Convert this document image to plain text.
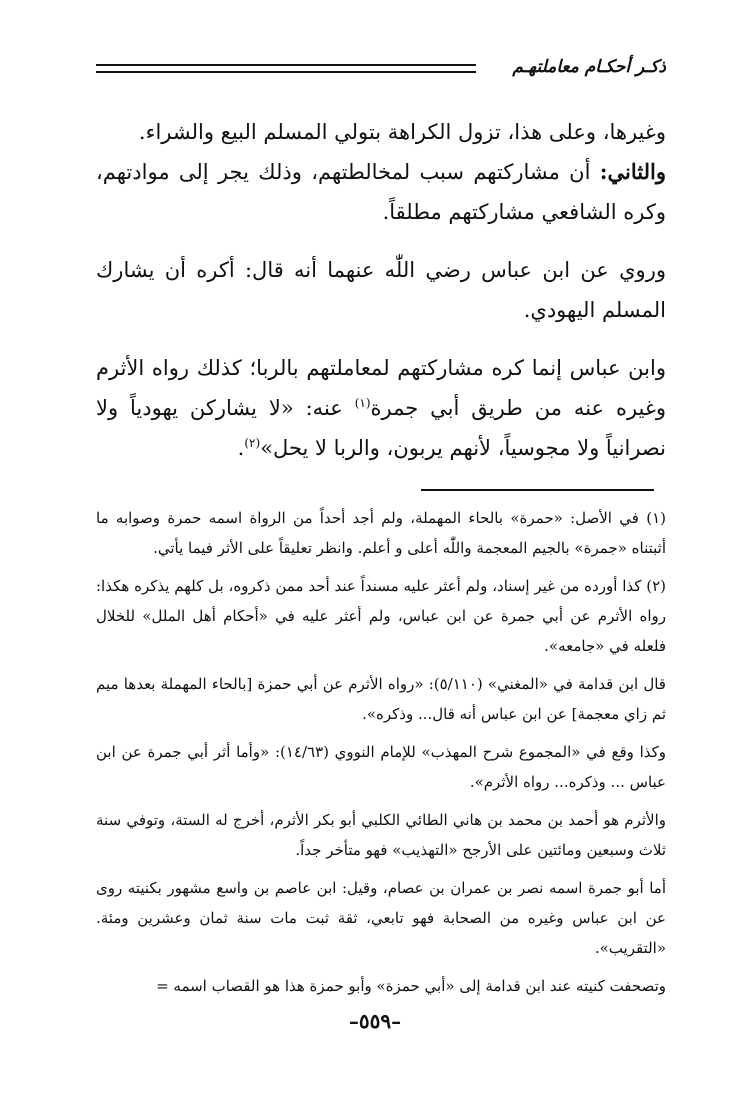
ذكـر أحكـام معاملتهـم

وغيرها، وعلى هذا، تزول الكراهة بتولي المسلم البيع والشراء.

والثاني: أن مشاركتهم سبب لمخالطتهم، وذلك يجر إلى موادتهم، وكره الشافعي مشاركتهم مطلقاً.

وروي عن ابن عباس رضي اللّٰه عنهما أنه قال: أكره أن يشارك المسلم اليهودي.

وابن عباس إنما كره مشاركتهم لمعاملتهم بالربا؛ كذلك رواه الأثرم وغيره عنه من طريق أبي جمرة$^{(١)}$ عنه: «لا يشاركن يهودياً ولا نصرانياً ولا مجوسياً، لأنهم يربون، والربا لا يحل»$^{(٢)}$.

(١) في الأصل: «حمرة» بالحاء المهملة، ولم أجد أحداً من الرواة اسمه حمرة وصوابه ما أثبتناه «جمرة» بالجيم المعجمة واللّٰه أعلى و أعلم. وانظر تعليقاً على الأثر فيما يأتي.

(٢) كذا أورده من غير إسناد، ولم أعثر عليه مسنداً عند أحد ممن ذكروه، بل كلهم يذكره هكذا: رواه الأثرم عن أبي جمرة عن ابن عباس، ولم أعثر عليه في «أحكام أهل الملل» للخلال فلعله في «جامعه».

قال ابن قدامة في «المغني» (٥/١١٠): «رواه الأثرم عن أبي حمزة [بالحاء المهملة بعدها ميم ثم زاي معجمة] عن ابن عباس أنه قال... وذكره».

وكذا وقع في «المجموع شرح المهذب» للإمام النووي (١٤/٦٣): «وأما أثر أبي جمرة عن ابن عباس ... وذكره... رواه الأثرم».

والأثرم هو أحمد بن محمد بن هاني الطائي الكلبي أبو بكر الأثرم، أخرج له الستة، وتوفي سنة ثلاث وسبعين ومائتين على الأرجح «التهذيب» فهو متأخر جداً.

أما أبو جمرة اسمه نصر بن عمران بن عصام، وقيل: ابن عاصم بن واسع مشهور بكنيته روى عن ابن عباس وغيره من الصحابة فهو تابعي، ثقة ثبت مات سنة ثمان وعشرين ومئة. «التقريب».

وتصحفت كنيته عند ابن قدامة إلى «أبي حمزة» وأبو حمزة هذا هو القصاب اسمه =

–٥٥٩–
